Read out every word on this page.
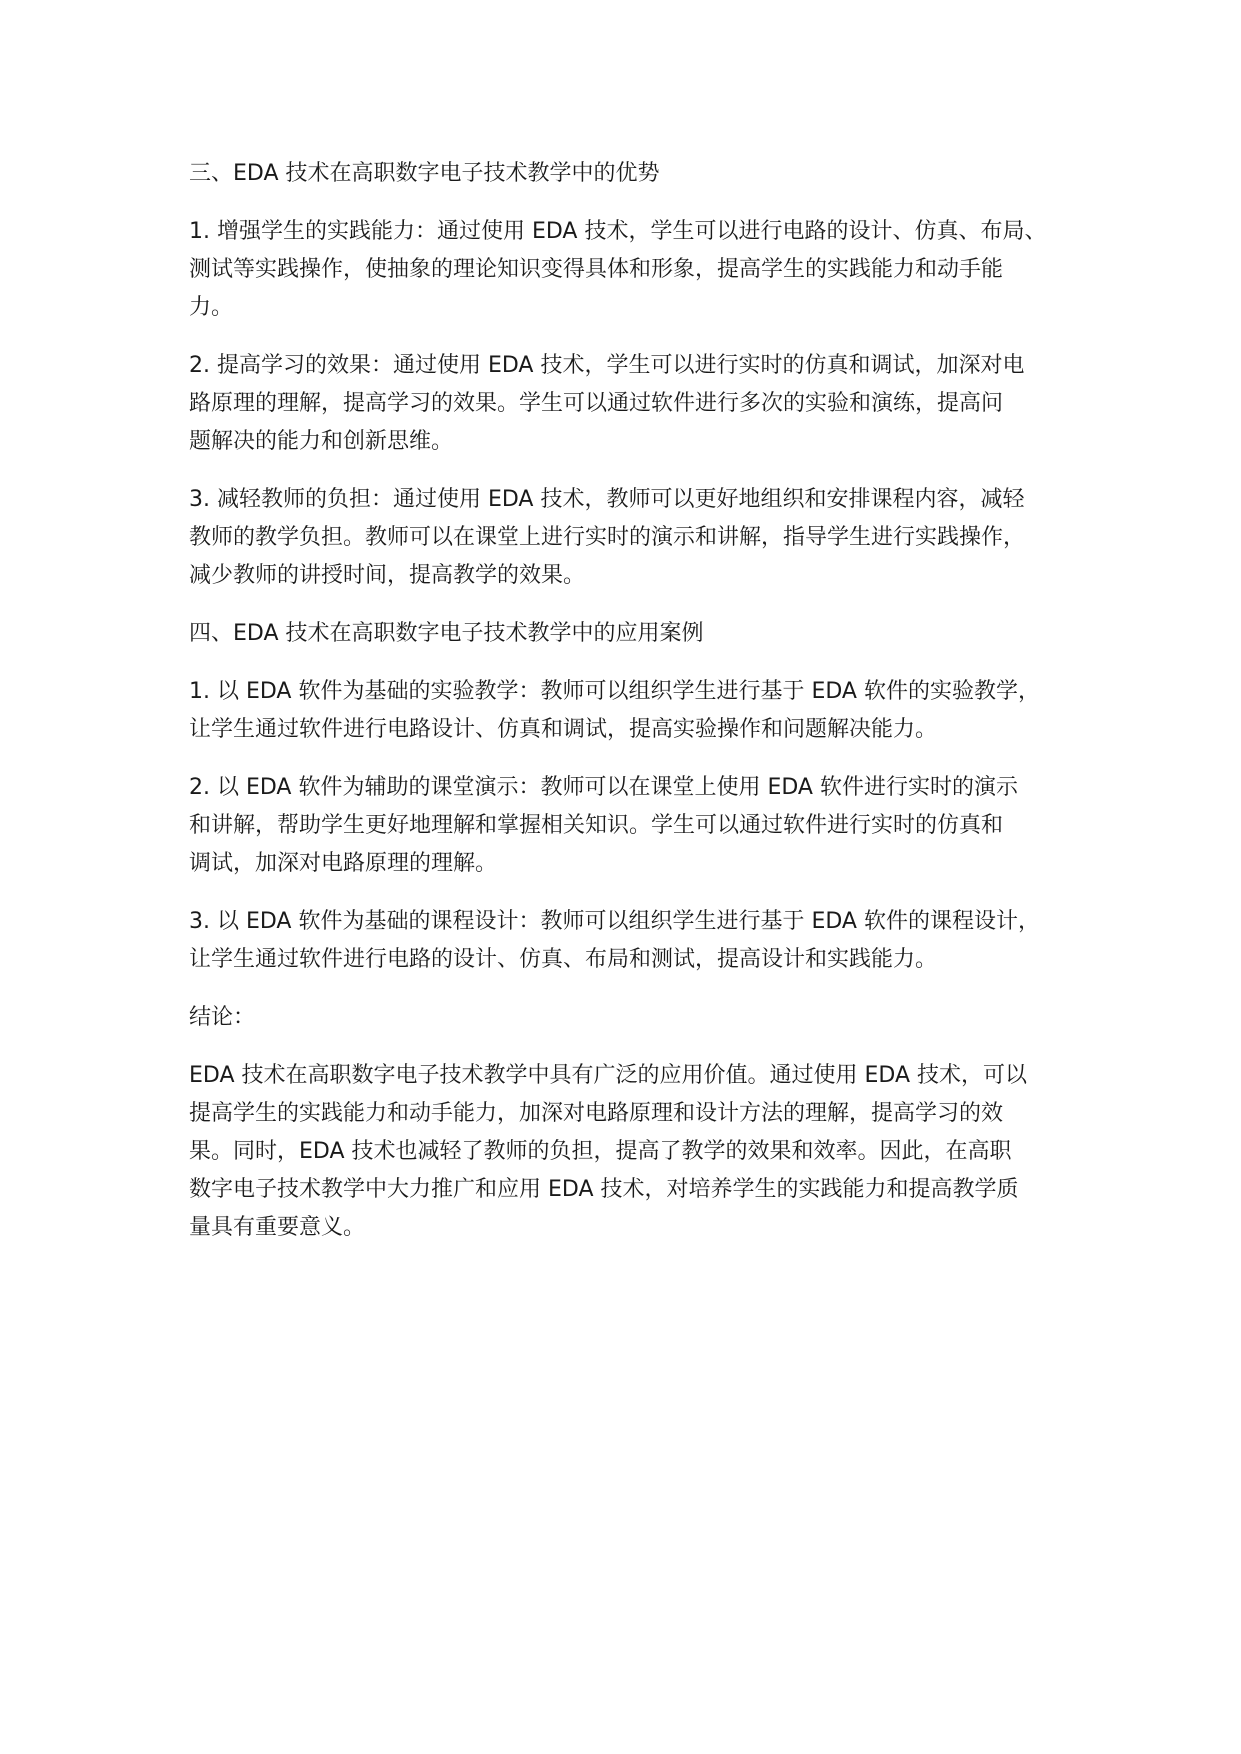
三、EDA 技术在高职数字电子技术教学中的优势

1. 增强学生的实践能力：通过使用 EDA 技术，学生可以进行电路的设计、仿真、布局、
测试等实践操作，使抽象的理论知识变得具体和形象，提高学生的实践能力和动手能
力。

2. 提高学习的效果：通过使用 EDA 技术，学生可以进行实时的仿真和调试，加深对电
路原理的理解，提高学习的效果。学生可以通过软件进行多次的实验和演练，提高问
题解决的能力和创新思维。

3. 减轻教师的负担：通过使用 EDA 技术，教师可以更好地组织和安排课程内容，减轻
教师的教学负担。教师可以在课堂上进行实时的演示和讲解，指导学生进行实践操作，
减少教师的讲授时间，提高教学的效果。

四、EDA 技术在高职数字电子技术教学中的应用案例

1. 以 EDA 软件为基础的实验教学：教师可以组织学生进行基于 EDA 软件的实验教学，
让学生通过软件进行电路设计、仿真和调试，提高实验操作和问题解决能力。

2. 以 EDA 软件为辅助的课堂演示：教师可以在课堂上使用 EDA 软件进行实时的演示
和讲解，帮助学生更好地理解和掌握相关知识。学生可以通过软件进行实时的仿真和
调试，加深对电路原理的理解。

3. 以 EDA 软件为基础的课程设计：教师可以组织学生进行基于 EDA 软件的课程设计，
让学生通过软件进行电路的设计、仿真、布局和测试，提高设计和实践能力。

结论：

EDA 技术在高职数字电子技术教学中具有广泛的应用价值。通过使用 EDA 技术，可以
提高学生的实践能力和动手能力，加深对电路原理和设计方法的理解，提高学习的效
果。同时，EDA 技术也减轻了教师的负担，提高了教学的效果和效率。因此，在高职
数字电子技术教学中大力推广和应用 EDA 技术，对培养学生的实践能力和提高教学质
量具有重要意义。
